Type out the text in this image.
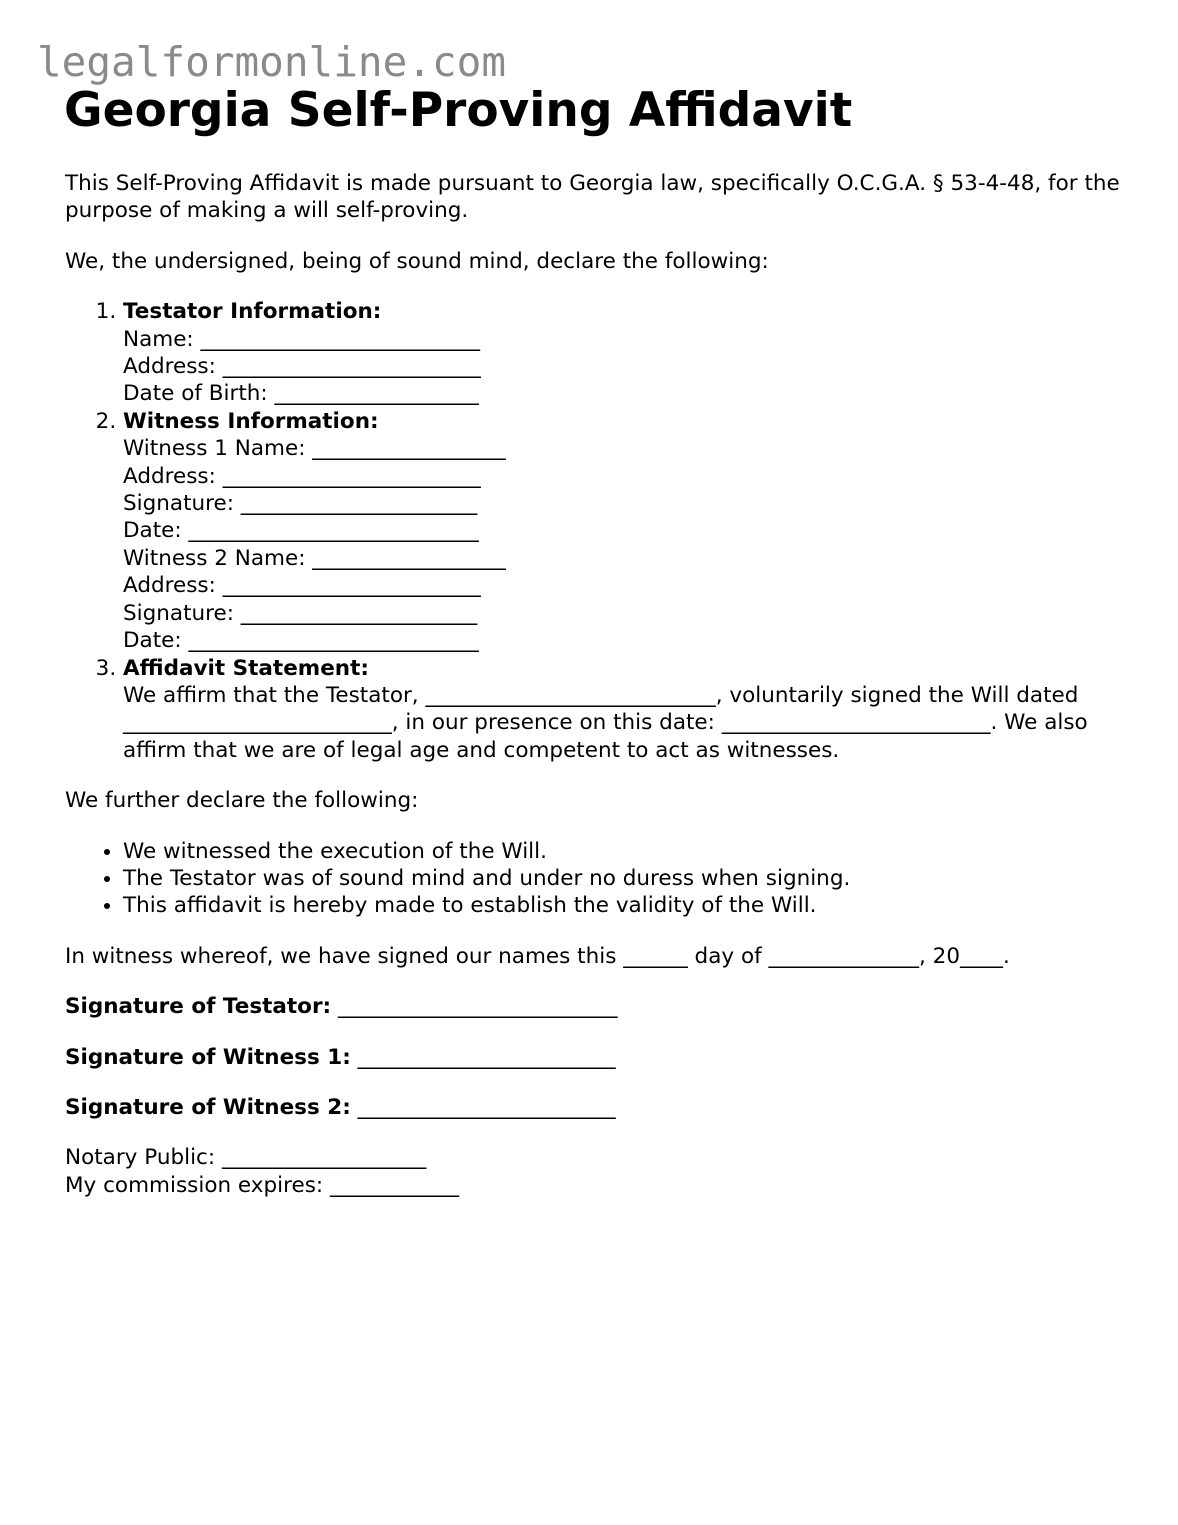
legalformonline.com
Georgia Self-Proving Affidavit

This Self-Proving Affidavit is made pursuant to Georgia law, specifically O.C.G.A. § 53-4-48, for the purpose of making a will self-proving.

We, the undersigned, being of sound mind, declare the following:

1. Testator Information:
Name: __________________________
Address: ________________________
Date of Birth: ___________________
2. Witness Information:
Witness 1 Name: __________________
Address: ________________________
Signature: ______________________
Date: ___________________________
Witness 2 Name: __________________
Address: ________________________
Signature: ______________________
Date: ___________________________
3. Affidavit Statement:
We affirm that the Testator, ___________________________, voluntarily signed the Will dated _________________________, in our presence on this date: _________________________. We also affirm that we are of legal age and competent to act as witnesses.

We further declare the following:

• We witnessed the execution of the Will.
• The Testator was of sound mind and under no duress when signing.
• This affidavit is hereby made to establish the validity of the Will.

In witness whereof, we have signed our names this ______ day of ______________, 20____.

Signature of Testator: __________________________

Signature of Witness 1: ________________________

Signature of Witness 2: ________________________

Notary Public: ___________________
My commission expires: ____________
